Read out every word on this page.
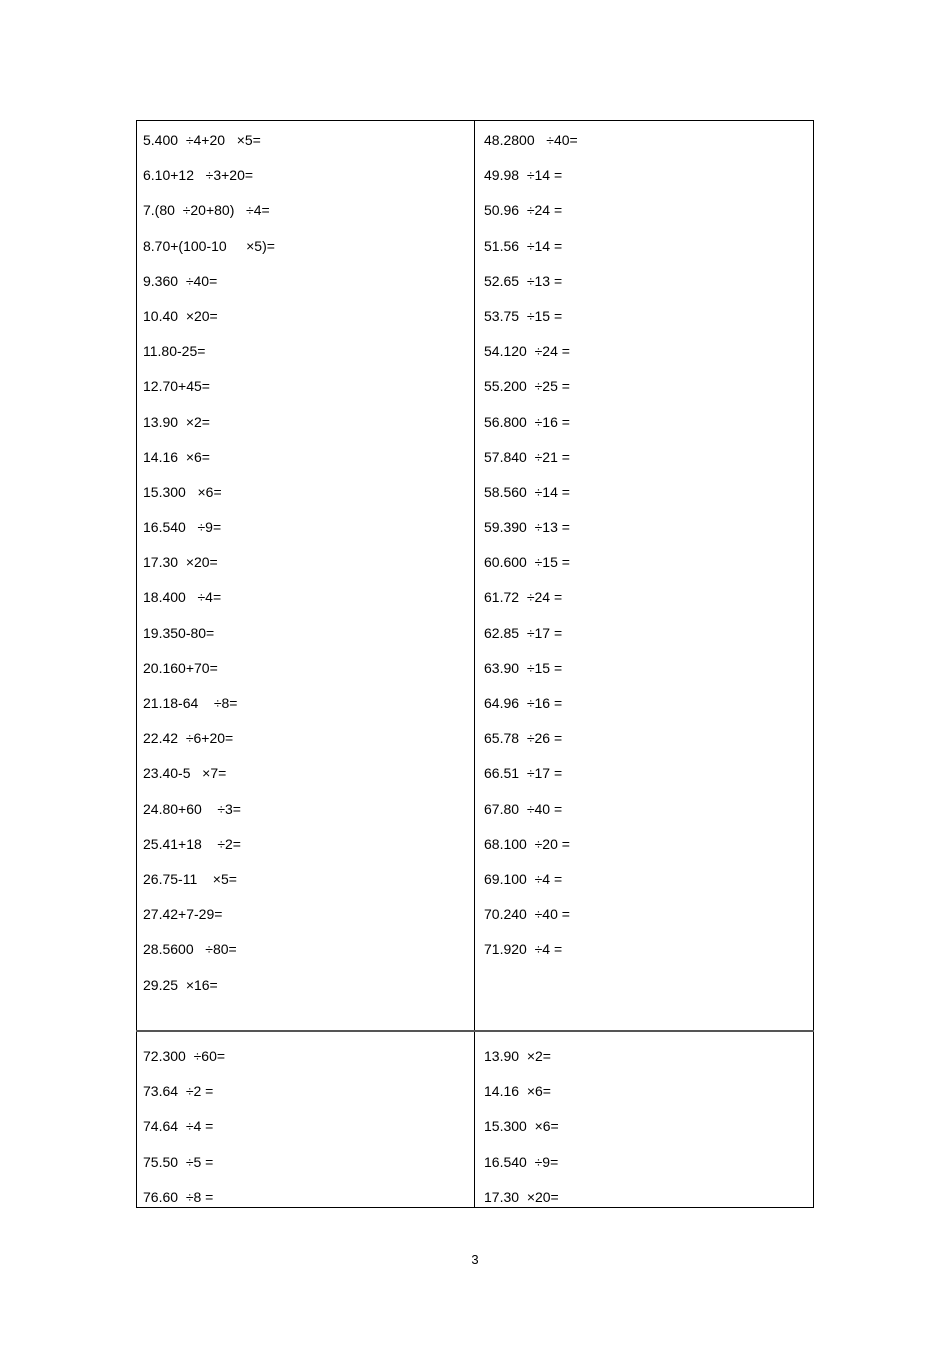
5.400  ÷4+20   ×5=
6.10+12   ÷3+20=
7.(80  ÷20+80)   ÷4=
8.70+(100-10     ×5)=
9.360  ÷40=
10.40  ×20=
11.80-25=
12.70+45=
13.90  ×2=
14.16  ×6=
15.300   ×6=
16.540   ÷9=
17.30  ×20=
18.400   ÷4=
19.350-80=
20.160+70=
21.18-64    ÷8=
22.42  ÷6+20=
23.40-5   ×7=
24.80+60    ÷3=
25.41+18    ÷2=
26.75-11    ×5=
27.42+7-29=
28.5600   ÷80=
29.25  ×16=
48.2800   ÷40=
49.98  ÷14 =
50.96  ÷24 =
51.56  ÷14 =
52.65  ÷13 =
53.75  ÷15 =
54.120  ÷24 =
55.200  ÷25 =
56.800  ÷16 =
57.840  ÷21 =
58.560  ÷14 =
59.390  ÷13 =
60.600  ÷15 =
61.72  ÷24 =
62.85  ÷17 =
63.90  ÷15 =
64.96  ÷16 =
65.78  ÷26 =
66.51  ÷17 =
67.80  ÷40 =
68.100  ÷20 =
69.100  ÷4 =
70.240  ÷40 =
71.920  ÷4 =
72.300  ÷60=
73.64  ÷2 =
74.64  ÷4 =
75.50  ÷5 =
76.60  ÷8 =
13.90  ×2=
14.16  ×6=
15.300  ×6=
16.540  ÷9=
17.30  ×20=
3
